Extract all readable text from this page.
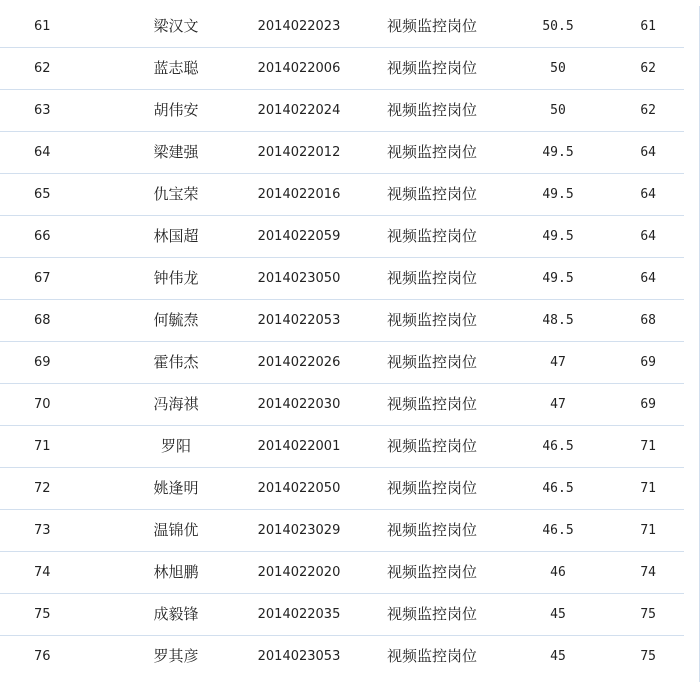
61	梁汉文	2014022023	视频监控岗位	50.5	61
62	蓝志聪	2014022006	视频监控岗位	50	62
63	胡伟安	2014022024	视频监控岗位	50	62
64	梁建强	2014022012	视频监控岗位	49.5	64
65	仇宝荣	2014022016	视频监控岗位	49.5	64
66	林国超	2014022059	视频监控岗位	49.5	64
67	钟伟龙	2014023050	视频监控岗位	49.5	64
68	何毓焘	2014022053	视频监控岗位	48.5	68
69	霍伟杰	2014022026	视频监控岗位	47	69
70	冯海祺	2014022030	视频监控岗位	47	69
71	罗阳	2014022001	视频监控岗位	46.5	71
72	姚逢明	2014022050	视频监控岗位	46.5	71
73	温锦优	2014023029	视频监控岗位	46.5	71
74	林旭鹏	2014022020	视频监控岗位	46	74
75	成毅锋	2014022035	视频监控岗位	45	75
76	罗其彦	2014023053	视频监控岗位	45	75
